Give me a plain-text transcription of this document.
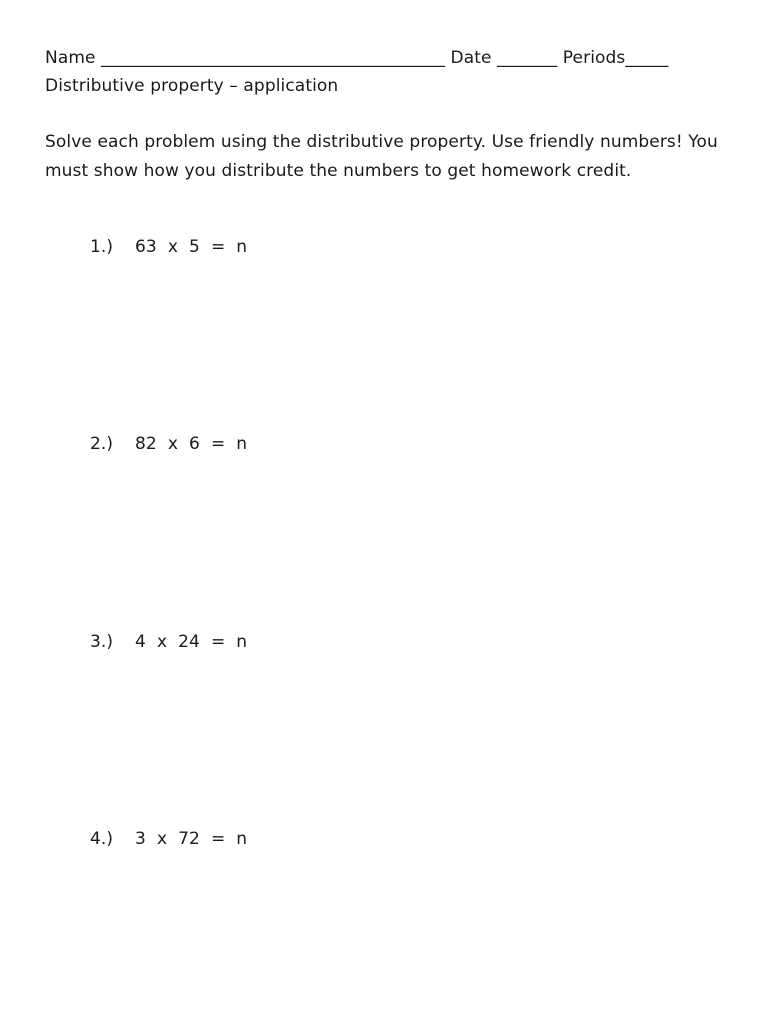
Name ________________________________________ Date _______ Periods_____
Distributive property – application
Solve each problem using the distributive property. Use friendly numbers! You
must show how you distribute the numbers to get homework credit.

1.) 63  x  5  =  n

2.) 82  x  6  =  n

3.) 4  x  24  =  n

4.) 3  x  72  =  n
